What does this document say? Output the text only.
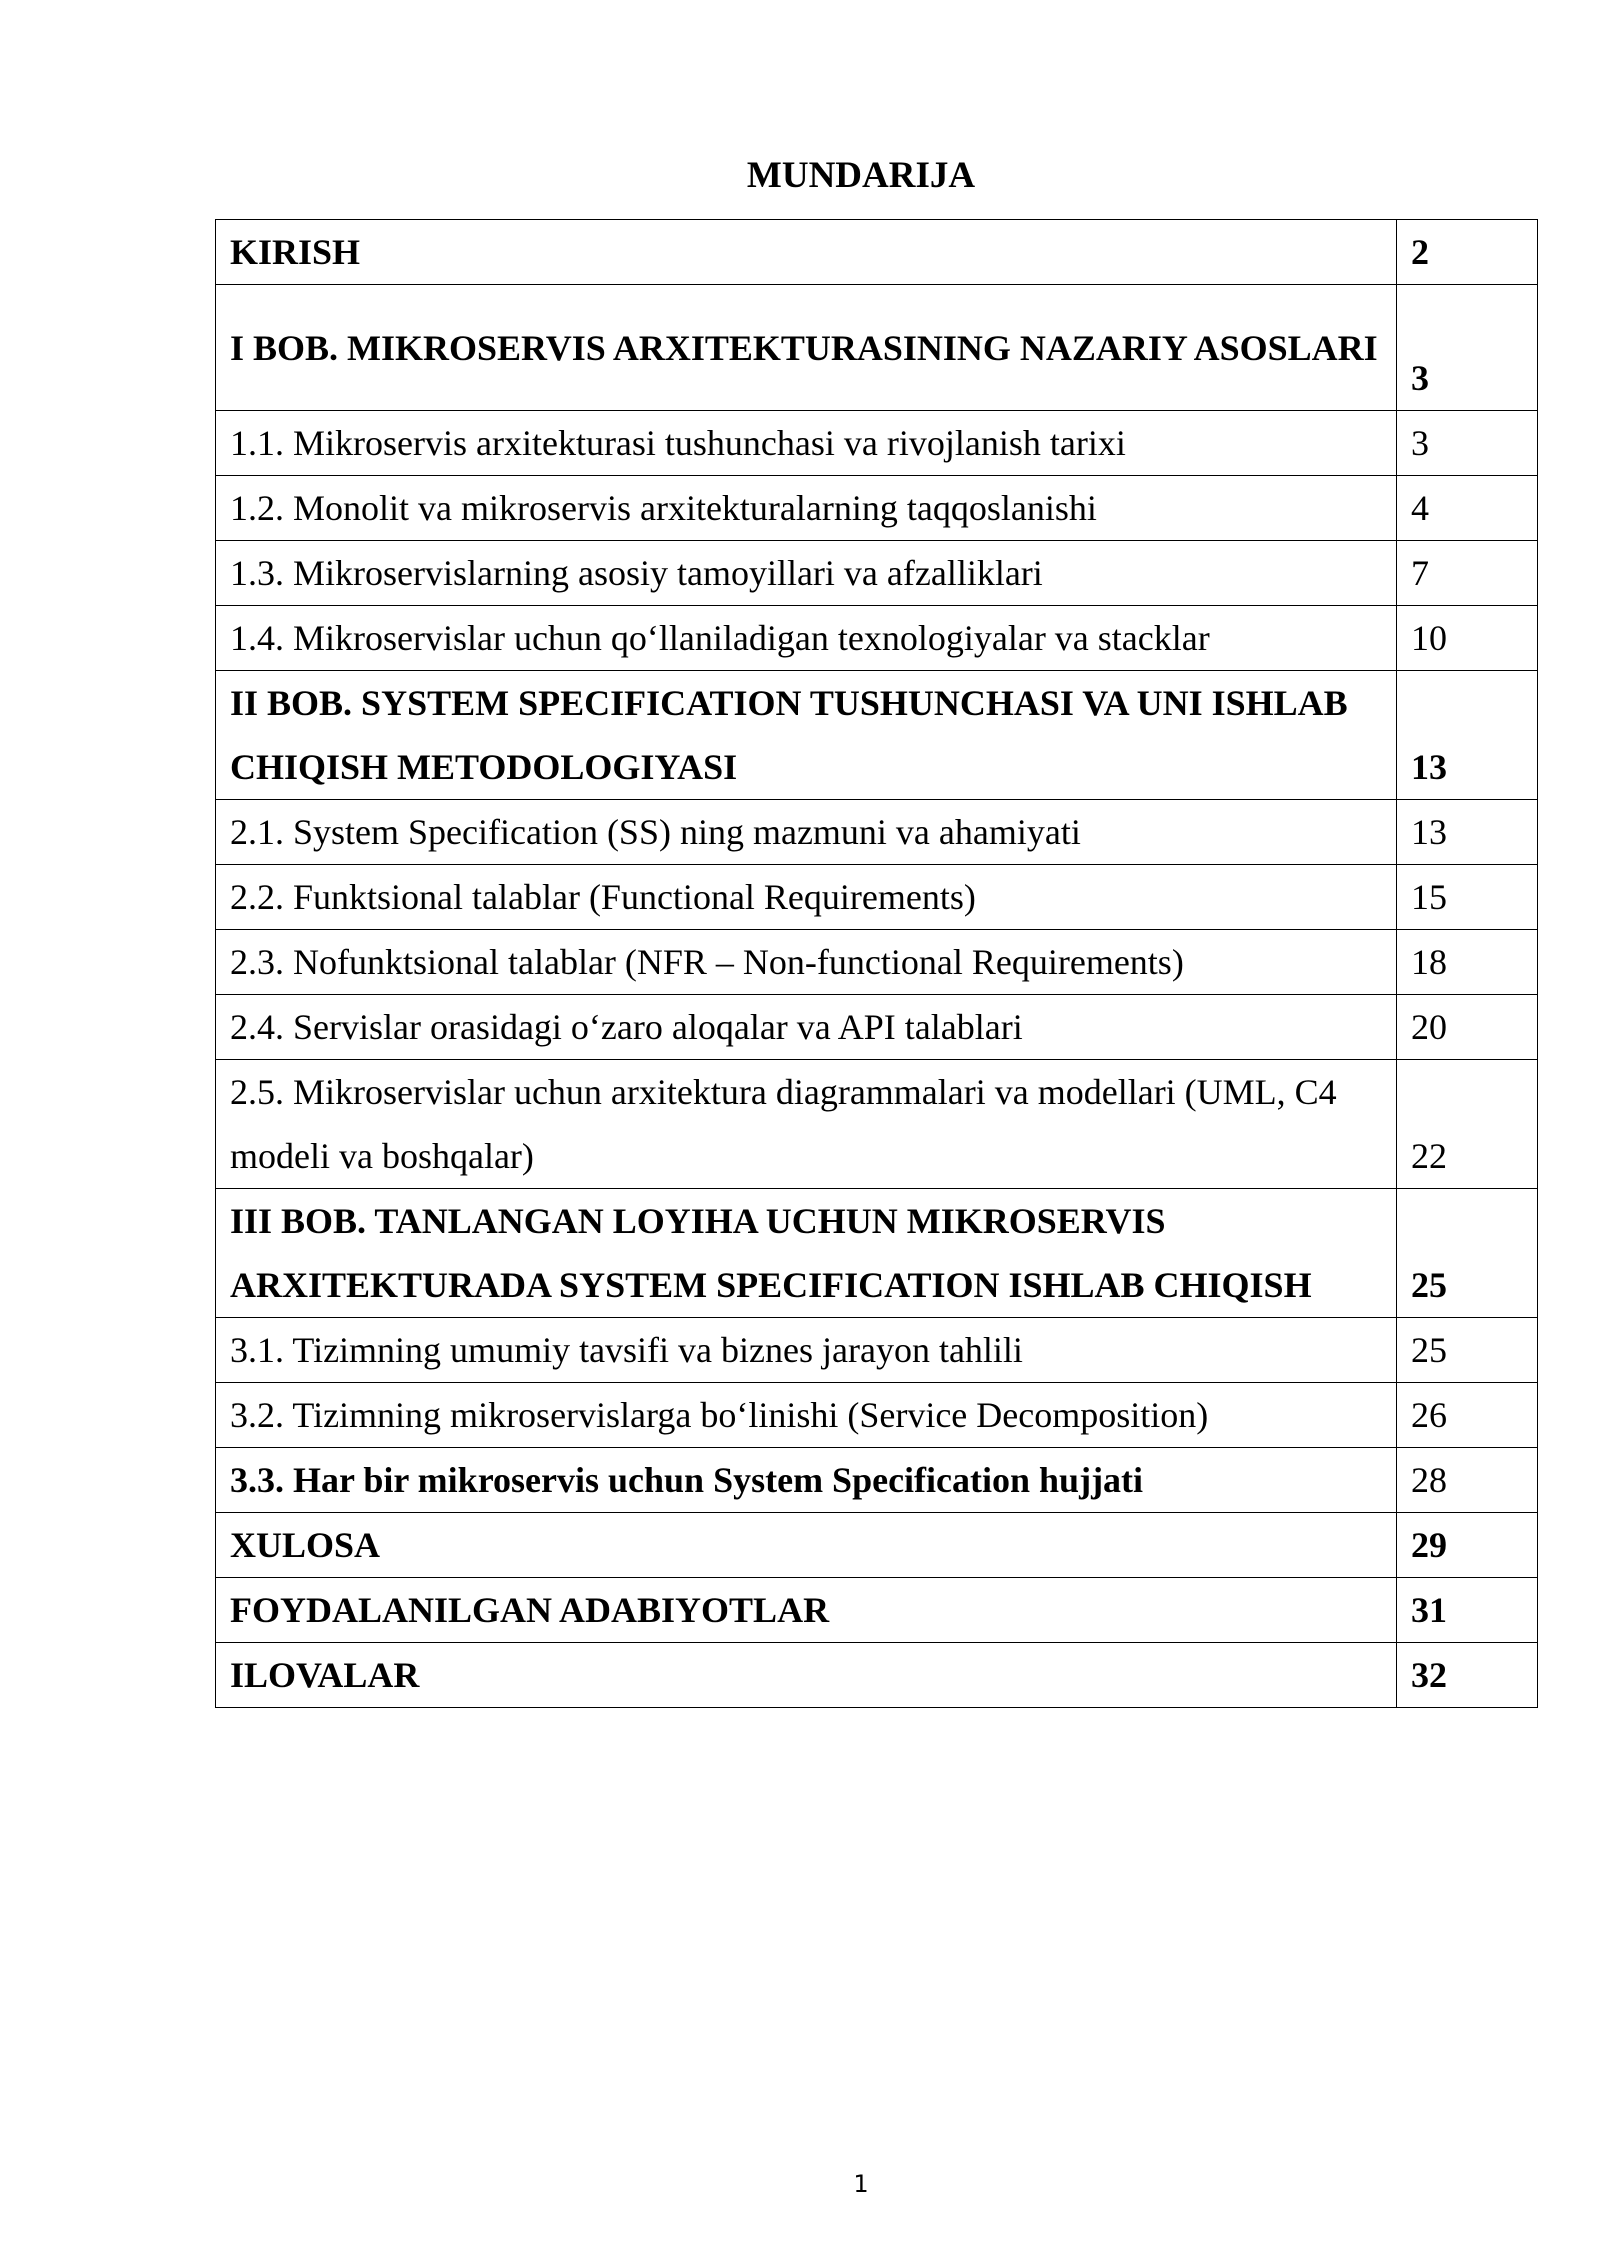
MUNDARIJA
KIRISH	2
I BOB. MIKROSERVIS ARXITEKTURASINING NAZARIY ASOSLARI	3
1.1. Mikroservis arxitekturasi tushunchasi va rivojlanish tarixi	3
1.2. Monolit va mikroservis arxitekturalarning taqqoslanishi	4
1.3. Mikroservislarning asosiy tamoyillari va afzalliklari	7
1.4. Mikroservislar uchun qoʻllaniladigan texnologiyalar va stacklar	10
II BOB. SYSTEM SPECIFICATION TUSHUNCHASI VA UNI ISHLAB CHIQISH METODOLOGIYASI	13
2.1. System Specification (SS) ning mazmuni va ahamiyati	13
2.2. Funktsional talablar (Functional Requirements)	15
2.3. Nofunktsional talablar (NFR – Non-functional Requirements)	18
2.4. Servislar orasidagi oʻzaro aloqalar va API talablari	20
2.5. Mikroservislar uchun arxitektura diagrammalari va modellari (UML, C4 modeli va boshqalar)	22
III BOB. TANLANGAN LOYIHA UCHUN MIKROSERVIS ARXITEKTURADA SYSTEM SPECIFICATION ISHLAB CHIQISH	25
3.1. Tizimning umumiy tavsifi va biznes jarayon tahlili	25
3.2. Tizimning mikroservislarga boʻlinishi (Service Decomposition)	26
3.3. Har bir mikroservis uchun System Specification hujjati	28
XULOSA	29
FOYDALANILGAN ADABIYOTLAR	31
ILOVALAR	32
1
